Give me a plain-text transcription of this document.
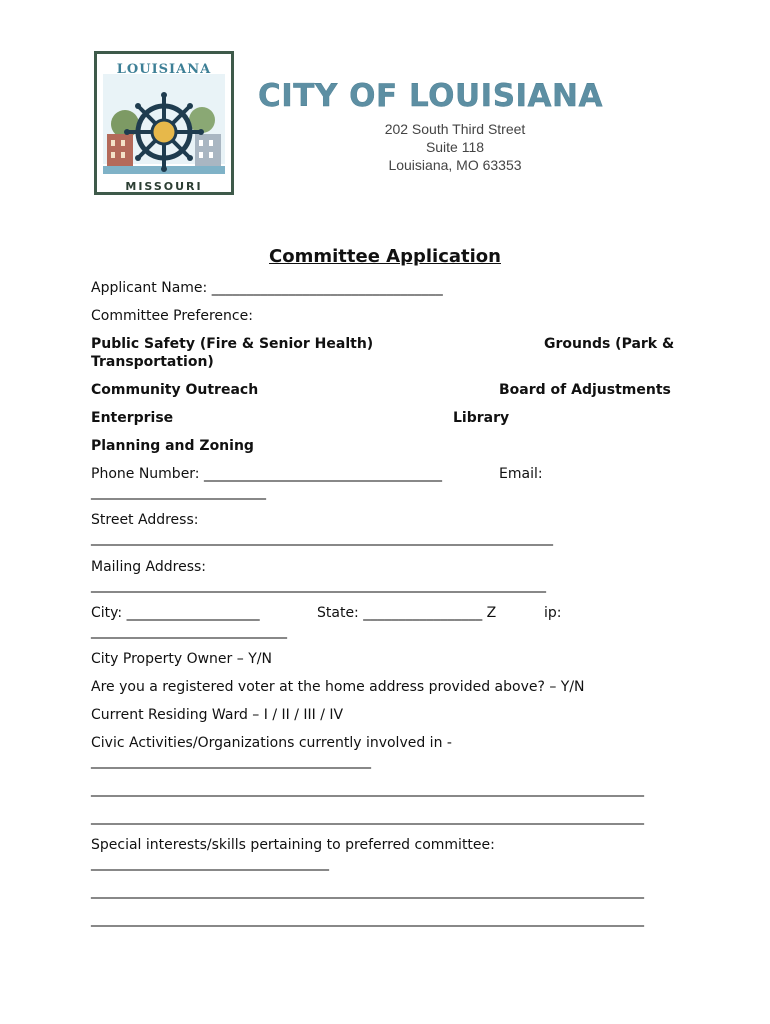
LOUISIANA
MISSOURI
CITY OF LOUISIANA
202 South Third Street
Suite 118
Louisiana, MO 63353
Committee Application
Applicant Name: _________________________________
Committee Preference:
Public Safety (Fire & Senior Health)	Grounds (Park &
Transportation)
Community Outreach	Board of Adjustments
Enterprise	Library
Planning and Zoning
Phone Number: __________________________________	Email:
_________________________
Street Address:
__________________________________________________________________
Mailing Address:
_________________________________________________________________
City: ___________________	State: _________________ Z	ip:
____________________________
City Property Owner – Y/N
Are you a registered voter at the home address provided above? – Y/N
Current Residing Ward – I / II / III / IV
Civic Activities/Organizations currently involved in -
________________________________________
_______________________________________________________________________________
_______________________________________________________________________________
Special interests/skills pertaining to preferred committee:
__________________________________
_______________________________________________________________________________
_______________________________________________________________________________
